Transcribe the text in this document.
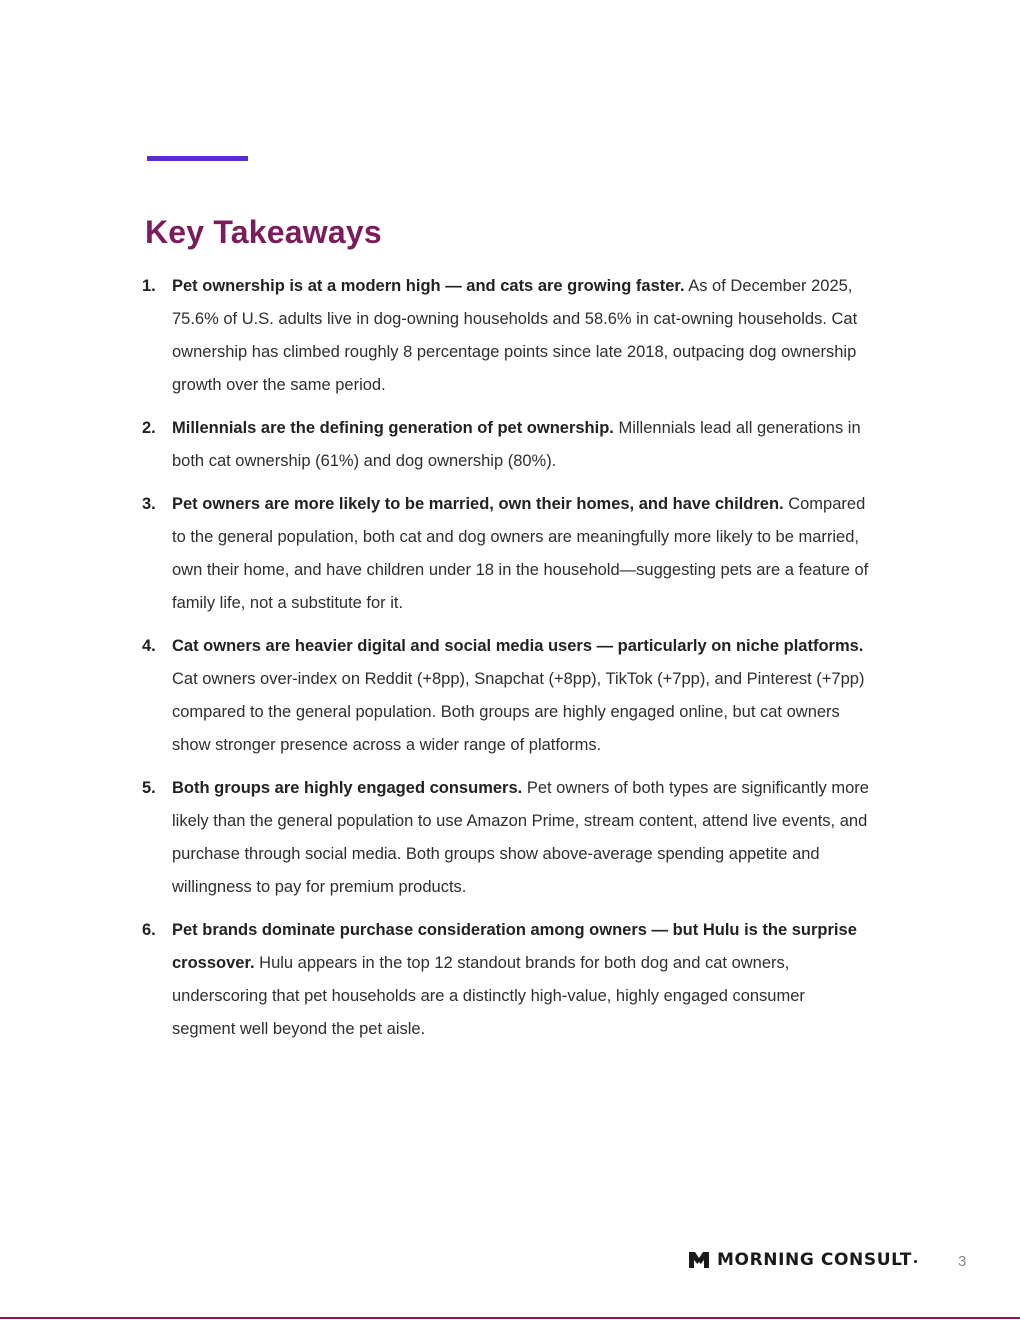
Key Takeaways
1. Pet ownership is at a modern high — and cats are growing faster. As of December 2025, 75.6% of U.S. adults live in dog-owning households and 58.6% in cat-owning households. Cat ownership has climbed roughly 8 percentage points since late 2018, outpacing dog ownership growth over the same period.
2. Millennials are the defining generation of pet ownership. Millennials lead all generations in both cat ownership (61%) and dog ownership (80%).
3. Pet owners are more likely to be married, own their homes, and have children. Compared to the general population, both cat and dog owners are meaningfully more likely to be married, own their home, and have children under 18 in the household—suggesting pets are a feature of family life, not a substitute for it.
4. Cat owners are heavier digital and social media users — particularly on niche platforms. Cat owners over-index on Reddit (+8pp), Snapchat (+8pp), TikTok (+7pp), and Pinterest (+7pp) compared to the general population. Both groups are highly engaged online, but cat owners show stronger presence across a wider range of platforms.
5. Both groups are highly engaged consumers. Pet owners of both types are significantly more likely than the general population to use Amazon Prime, stream content, attend live events, and purchase through social media. Both groups show above-average spending appetite and willingness to pay for premium products.
6. Pet brands dominate purchase consideration among owners — but Hulu is the surprise crossover. Hulu appears in the top 12 standout brands for both dog and cat owners, underscoring that pet households are a distinctly high-value, highly engaged consumer segment well beyond the pet aisle.
MORNING CONSULT	3
